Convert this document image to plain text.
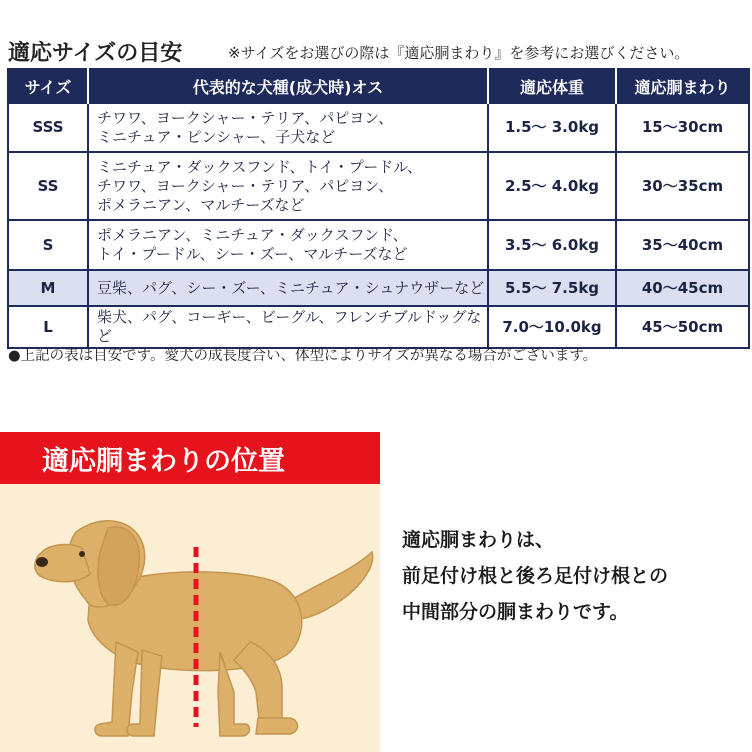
適応サイズの目安	※サイズをお選びの際は『適応胴まわり』を参考にお選びください。
サイズ	代表的な犬種(成犬時)オス	適応体重	適応胴まわり
SSS	チワワ、ヨークシャー・テリア、パピヨン、
ミニチュア・ピンシャー、子犬など	1.5～ 3.0kg	15～30cm
SS	ミニチュア・ダックスフンド、トイ・プードル、
チワワ、ヨークシャー・テリア、パピヨン、
ポメラニアン、マルチーズなど	2.5～ 4.0kg	30～35cm
S	ポメラニアン、ミニチュア・ダックスフンド、
トイ・プードル、シー・ズー、マルチーズなど	3.5～ 6.0kg	35～40cm
M	豆柴、パグ、シー・ズー、ミニチュア・シュナウザーなど	5.5～ 7.5kg	40～45cm
L	柴犬、パグ、コーギー、ビーグル、フレンチブルドッグなど	7.0～10.0kg	45～50cm
●上記の表は目安です。愛犬の成長度合い、体型によりサイズが異なる場合がございます。
適応胴まわりの位置
適応胴まわりは、
前足付け根と後ろ足付け根との
中間部分の胴まわりです。
